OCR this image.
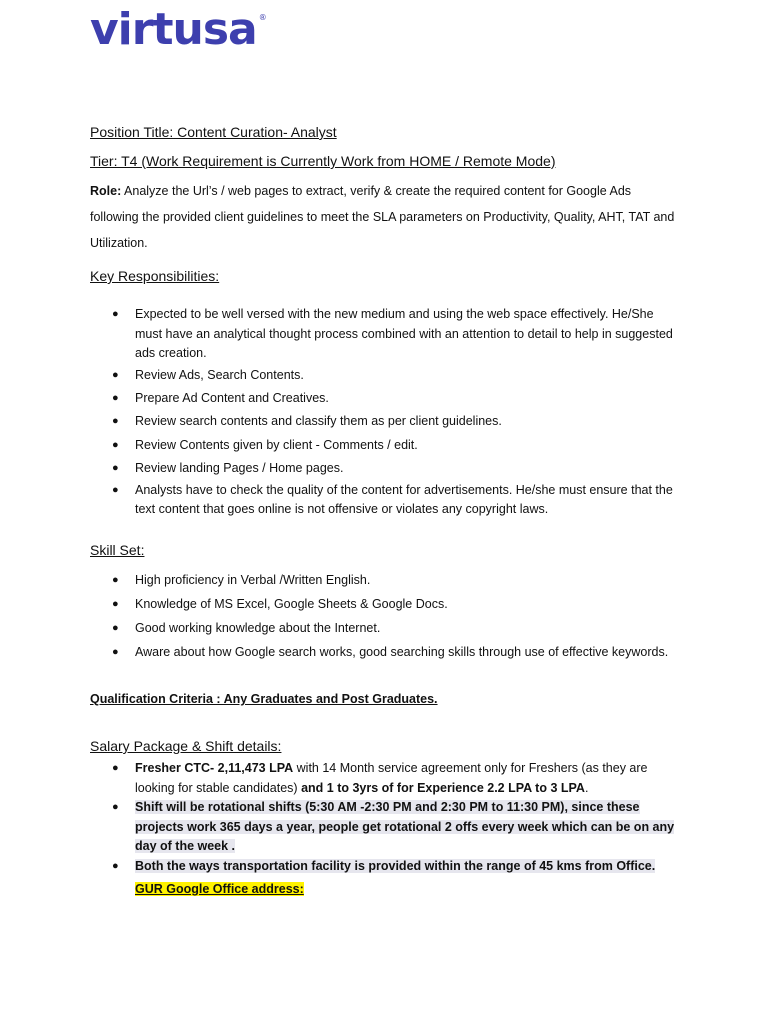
virtusa ®
Position Title: Content Curation- Analyst
Tier: T4 (Work Requirement is Currently Work from HOME / Remote Mode)
Role: Analyze the Url’s / web pages to extract, verify & create the required content for Google Ads following the provided client guidelines to meet the SLA parameters on Productivity, Quality, AHT, TAT and Utilization.
Key Responsibilities:
● Expected to be well versed with the new medium and using the web space effectively. He/She must have an analytical thought process combined with an attention to detail to help in suggested ads creation.
● Review Ads, Search Contents.
● Prepare Ad Content and Creatives.
● Review search contents and classify them as per client guidelines.
● Review Contents given by client - Comments / edit.
● Review landing Pages / Home pages.
● Analysts have to check the quality of the content for advertisements. He/she must ensure that the text content that goes online is not offensive or violates any copyright laws.
Skill Set:
● High proficiency in Verbal /Written English.
● Knowledge of MS Excel, Google Sheets & Google Docs.
● Good working knowledge about the Internet.
● Aware about how Google search works, good searching skills through use of effective keywords.
Qualification Criteria : Any Graduates and Post Graduates.
Salary Package & Shift details:
● Fresher CTC- 2,11,473 LPA with 14 Month service agreement only for Freshers (as they are looking for stable candidates) and 1 to 3yrs of for Experience 2.2 LPA to 3 LPA.
● Shift will be rotational shifts (5:30 AM -2:30 PM and 2:30 PM to 11:30 PM), since these projects work 365 days a year, people get rotational 2 offs every week which can be on any day of the week .
● Both the ways transportation facility is provided within the range of 45 kms from Office.
GUR Google Office address:
